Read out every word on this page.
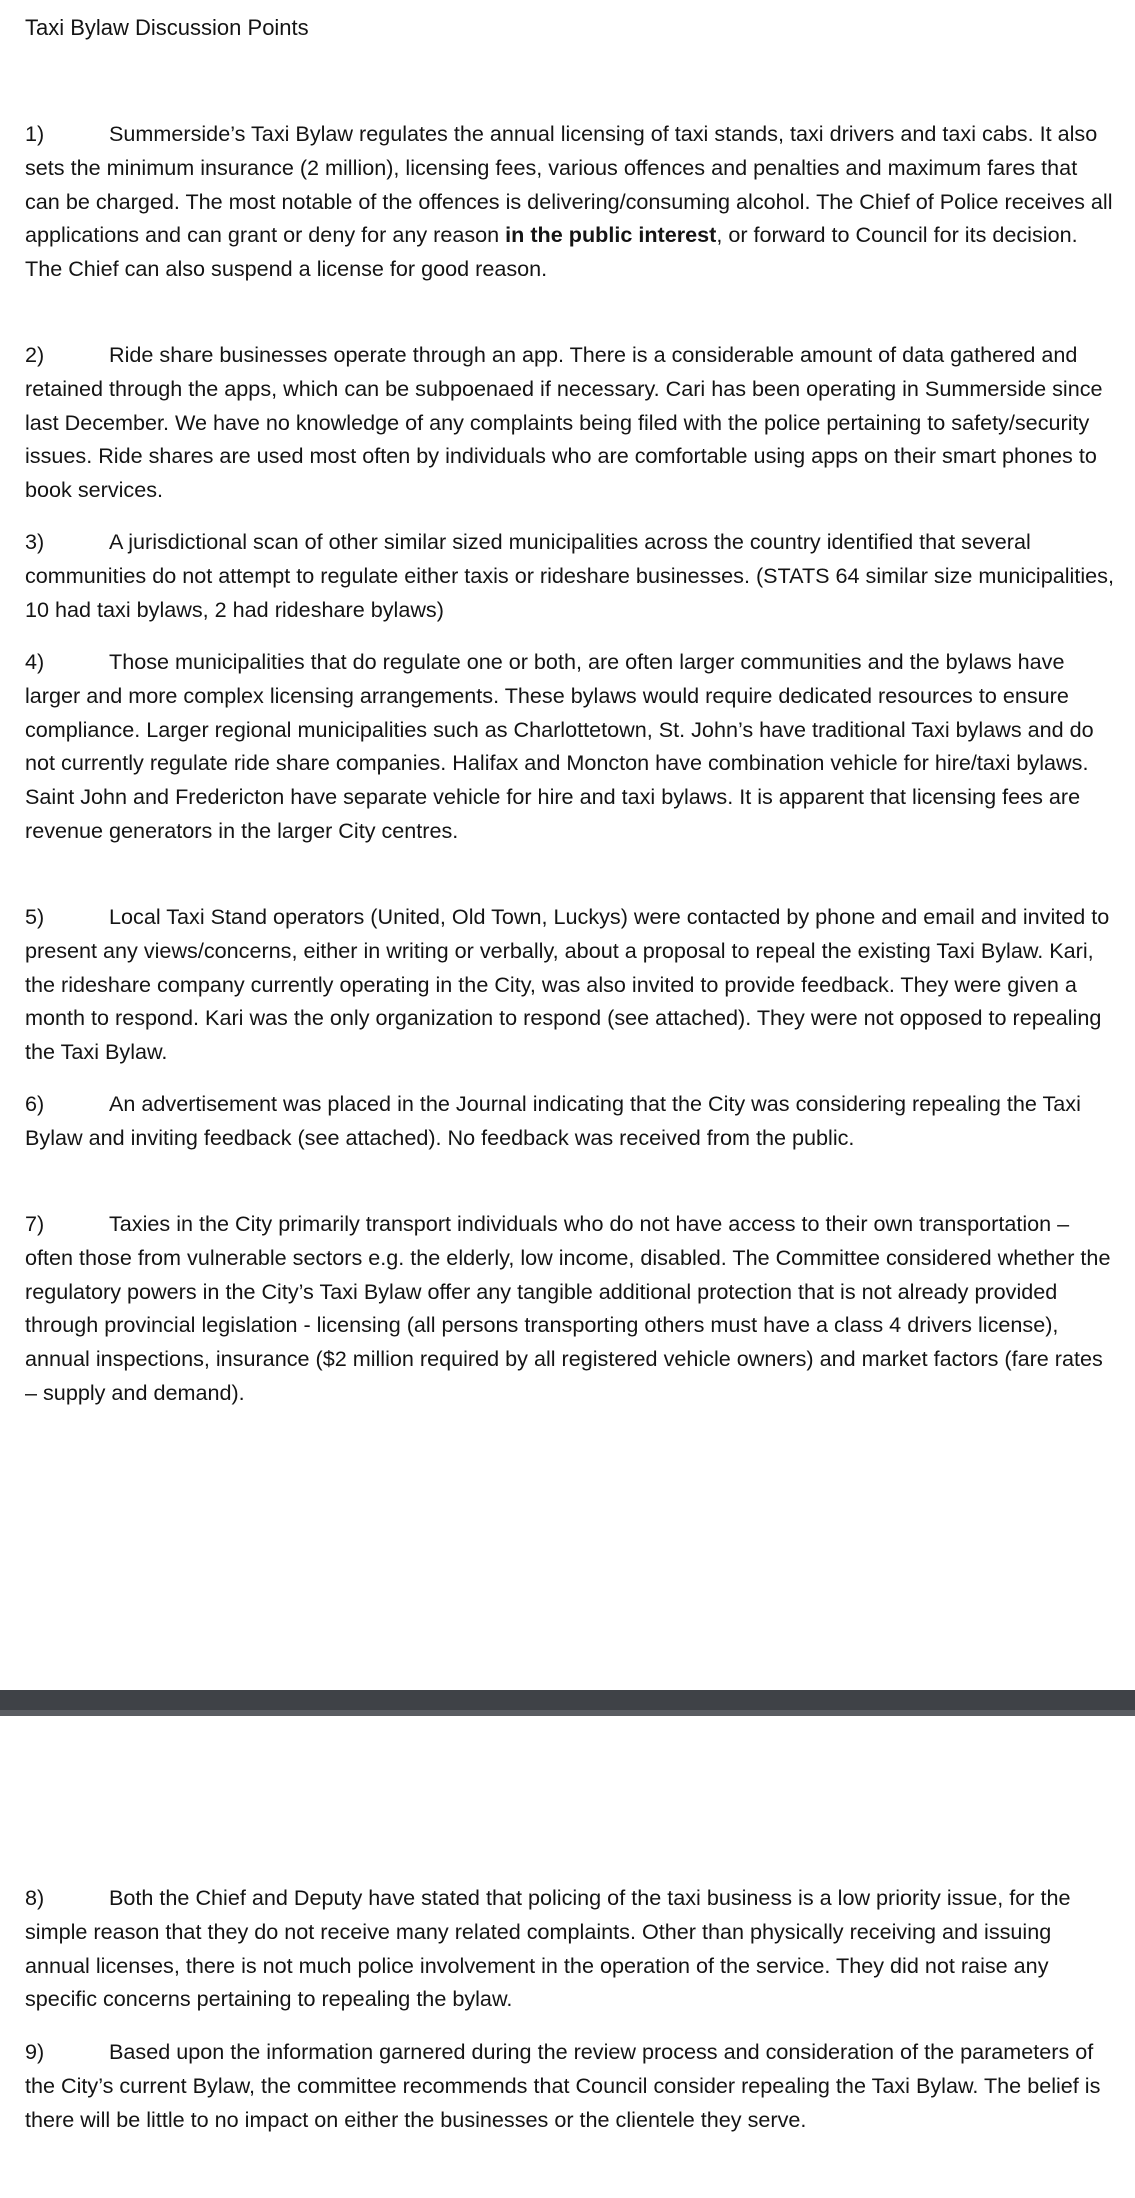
Taxi Bylaw Discussion Points

1)	Summerside’s Taxi Bylaw regulates the annual licensing of taxi stands, taxi drivers and taxi cabs. It also sets the minimum insurance (2 million), licensing fees, various offences and penalties and maximum fares that can be charged. The most notable of the offences is delivering/consuming alcohol. The Chief of Police receives all applications and can grant or deny for any reason in the public interest, or forward to Council for its decision. The Chief can also suspend a license for good reason.

2)	Ride share businesses operate through an app. There is a considerable amount of data gathered and retained through the apps, which can be subpoenaed if necessary. Cari has been operating in Summerside since last December. We have no knowledge of any complaints being filed with the police pertaining to safety/security issues. Ride shares are used most often by individuals who are comfortable using apps on their smart phones to book services.

3)	A jurisdictional scan of other similar sized municipalities across the country identified that several communities do not attempt to regulate either taxis or rideshare businesses. (STATS 64 similar size municipalities, 10 had taxi bylaws, 2 had rideshare bylaws)

4)	Those municipalities that do regulate one or both, are often larger communities and the bylaws have larger and more complex licensing arrangements. These bylaws would require dedicated resources to ensure compliance. Larger regional municipalities such as Charlottetown, St. John’s have traditional Taxi bylaws and do not currently regulate ride share companies. Halifax and Moncton have combination vehicle for hire/taxi bylaws. Saint John and Fredericton have separate vehicle for hire and taxi bylaws. It is apparent that licensing fees are revenue generators in the larger City centres.

5)	Local Taxi Stand operators (United, Old Town, Luckys) were contacted by phone and email and invited to present any views/concerns, either in writing or verbally, about a proposal to repeal the existing Taxi Bylaw. Kari, the rideshare company currently operating in the City, was also invited to provide feedback. They were given a month to respond. Kari was the only organization to respond (see attached). They were not opposed to repealing the Taxi Bylaw.

6)	An advertisement was placed in the Journal indicating that the City was considering repealing the Taxi Bylaw and inviting feedback (see attached). No feedback was received from the public.

7)	Taxies in the City primarily transport individuals who do not have access to their own transportation – often those from vulnerable sectors e.g. the elderly, low income, disabled. The Committee considered whether the regulatory powers in the City’s Taxi Bylaw offer any tangible additional protection that is not already provided through provincial legislation - licensing (all persons transporting others must have a class 4 drivers license), annual inspections, insurance ($2 million required by all registered vehicle owners) and market factors (fare rates – supply and demand).

8)	Both the Chief and Deputy have stated that policing of the taxi business is a low priority issue, for the simple reason that they do not receive many related complaints. Other than physically receiving and issuing annual licenses, there is not much police involvement in the operation of the service. They did not raise any specific concerns pertaining to repealing the bylaw.

9)	Based upon the information garnered during the review process and consideration of the parameters of the City’s current Bylaw, the committee recommends that Council consider repealing the Taxi Bylaw. The belief is there will be little to no impact on either the businesses or the clientele they serve.
